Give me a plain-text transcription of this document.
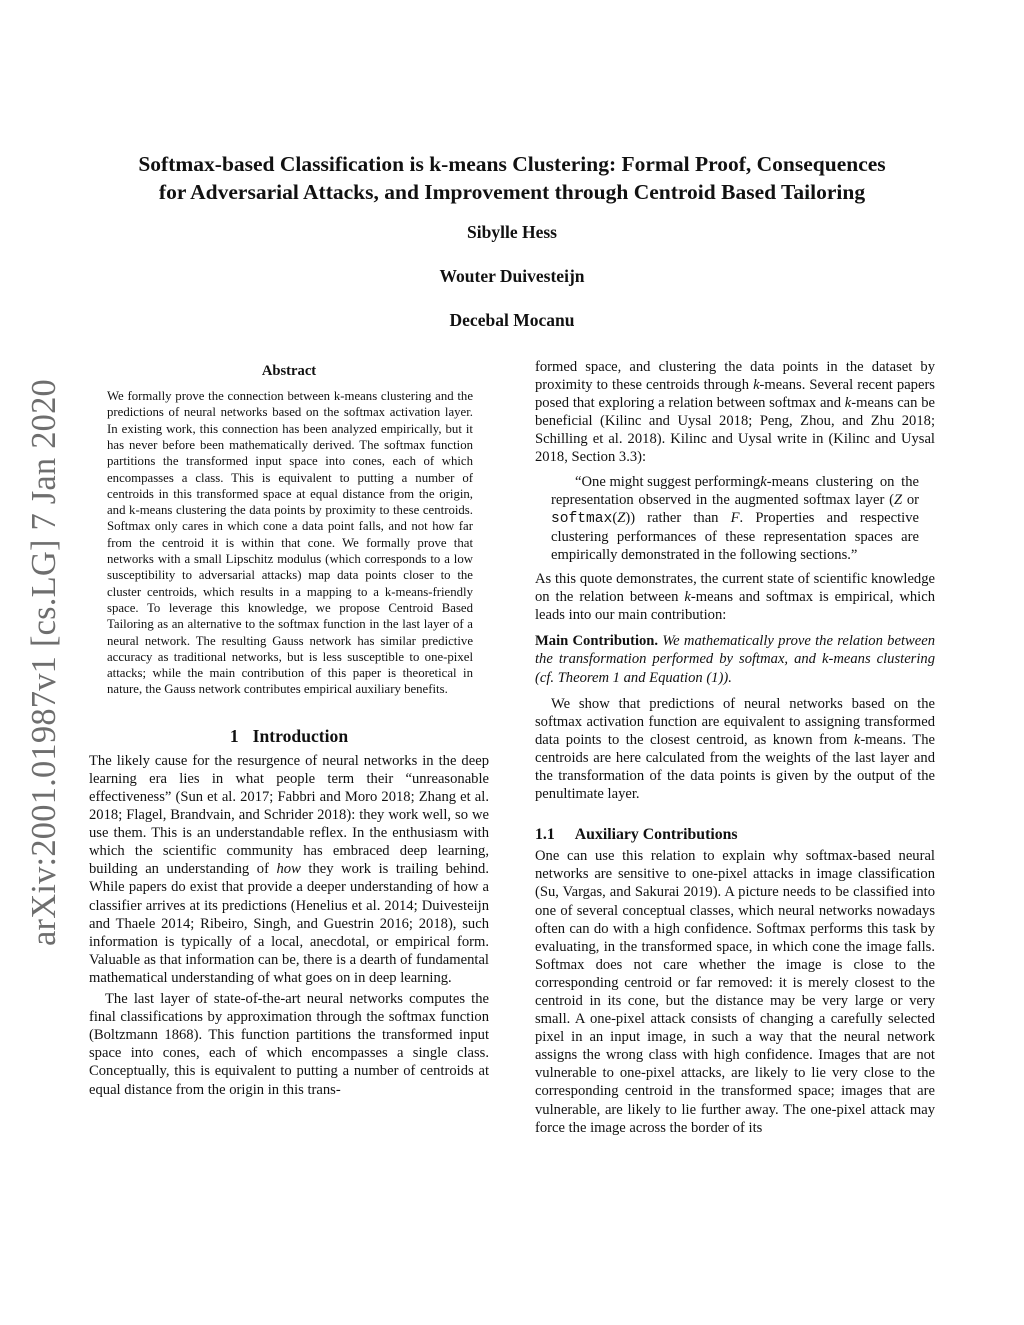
arXiv:2001.01987v1 [cs.LG] 7 Jan 2020
Softmax-based Classification is k-means Clustering: Formal Proof, Consequences
for Adversarial Attacks, and Improvement through Centroid Based Tailoring

Sibylle Hess

Wouter Duivesteijn

Decebal Mocanu

Abstract

We formally prove the connection between k-means clustering and the predictions of neural networks based on the softmax activation layer. In existing work, this connection has been analyzed empirically, but it has never before been mathematically derived. The softmax function partitions the transformed input space into cones, each of which encompasses a class. This is equivalent to putting a number of centroids in this transformed space at equal distance from the origin, and k-means clustering the data points by proximity to these centroids. Softmax only cares in which cone a data point falls, and not how far from the centroid it is within that cone. We formally prove that networks with a small Lipschitz modulus (which corresponds to a low susceptibility to adversarial attacks) map data points closer to the cluster centroids, which results in a mapping to a k-means-friendly space. To leverage this knowledge, we propose Centroid Based Tailoring as an alternative to the softmax function in the last layer of a neural network. The resulting Gauss network has similar predictive accuracy as traditional networks, but is less susceptible to one-pixel attacks; while the main contribution of this paper is theoretical in nature, the Gauss network contributes empirical auxiliary benefits.

1 Introduction

The likely cause for the resurgence of neural networks in the deep learning era lies in what people term their “unreasonable effectiveness” (Sun et al. 2017; Fabbri and Moro 2018; Zhang et al. 2018; Flagel, Brandvain, and Schrider 2018): they work well, so we use them. This is an understandable reflex. In the enthusiasm with which the scientific community has embraced deep learning, building an understanding of how they work is trailing behind. While papers do exist that provide a deeper understanding of how a classifier arrives at its predictions (Henelius et al. 2014; Duivesteijn and Thaele 2014; Ribeiro, Singh, and Guestrin 2016; 2018), such information is typically of a local, anecdotal, or empirical form. Valuable as that information can be, there is a dearth of fundamental mathematical understanding of what goes on in deep learning.

The last layer of state-of-the-art neural networks computes the final classifications by approximation through the softmax function (Boltzmann 1868). This function partitions the transformed input space into cones, each of which encompasses a single class. Conceptually, this is equivalent to putting a number of centroids at equal distance from the origin in this trans-

formed space, and clustering the data points in the dataset by proximity to these centroids through k-means. Several recent papers posed that exploring a relation between softmax and k-means can be beneficial (Kilinc and Uysal 2018; Peng, Zhou, and Zhu 2018; Schilling et al. 2018). Kilinc and Uysal write in (Kilinc and Uysal 2018, Section 3.3):

“One might suggest performingk-means clustering on the representation observed in the augmented softmax layer (Z or softmax(Z)) rather than F. Properties and respective clustering performances of these representation spaces are empirically demonstrated in the following sections.”

As this quote demonstrates, the current state of scientific knowledge on the relation between k-means and softmax is empirical, which leads into our main contribution:

Main Contribution. We mathematically prove the relation between the transformation performed by softmax, and k-means clustering (cf. Theorem 1 and Equation (1)).

We show that predictions of neural networks based on the softmax activation function are equivalent to assigning transformed data points to the closest centroid, as known from k-means. The centroids are here calculated from the weights of the last layer and the transformation of the data points is given by the output of the penultimate layer.

1.1 Auxiliary Contributions

One can use this relation to explain why softmax-based neural networks are sensitive to one-pixel attacks in image classification (Su, Vargas, and Sakurai 2019). A picture needs to be classified into one of several conceptual classes, which neural networks nowadays often can do with a high confidence. Softmax performs this task by evaluating, in the transformed space, in which cone the image falls. Softmax does not care whether the image is close to the corresponding centroid or far removed: it is merely closest to the centroid in its cone, but the distance may be very large or very small. A one-pixel attack consists of changing a carefully selected pixel in an input image, in such a way that the neural network assigns the wrong class with high confidence. Images that are not vulnerable to one-pixel attacks, are likely to lie very close to the corresponding centroid in the transformed space; images that are vulnerable, are likely to lie further away. The one-pixel attack may force the image across the border of its
